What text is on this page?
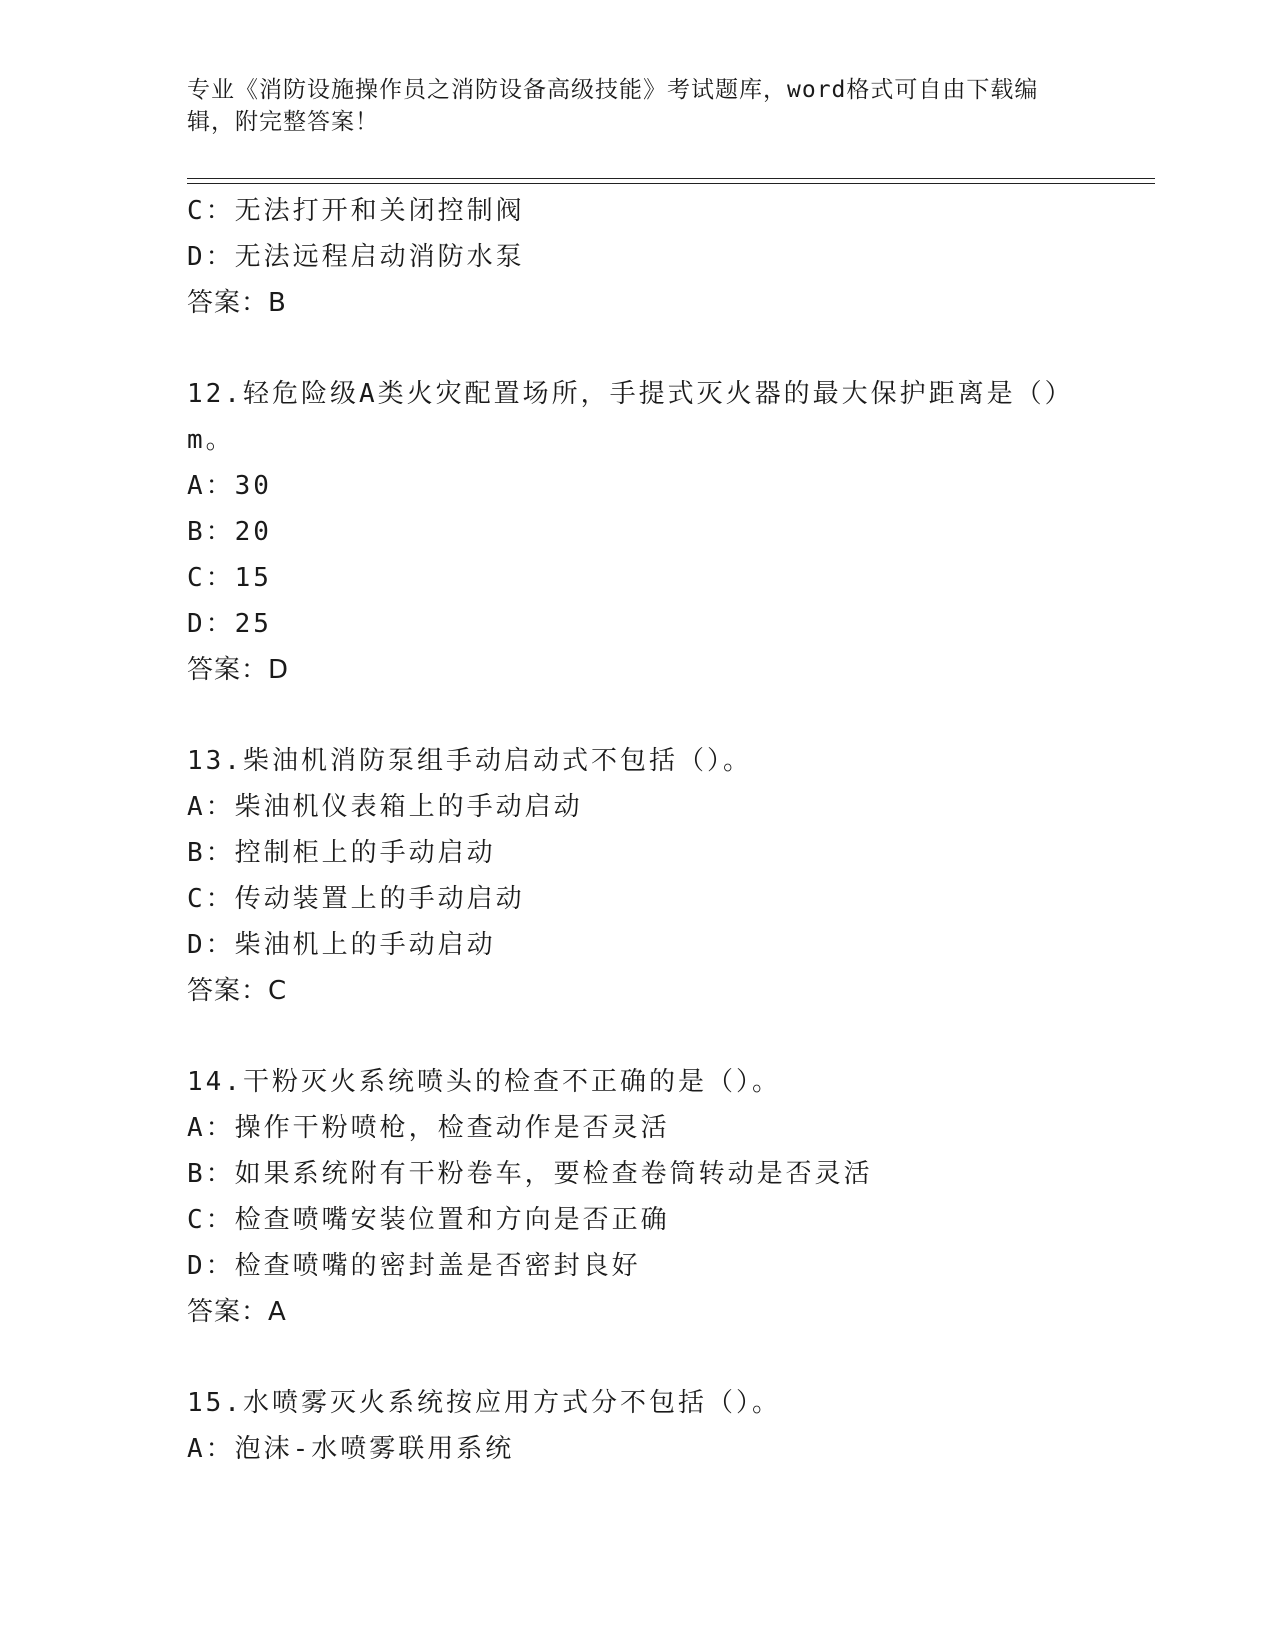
专业《消防设施操作员之消防设备高级技能》考试题库，word格式可自由下载编
辑，附完整答案！
C：无法打开和关闭控制阀
D：无法远程启动消防水泵
答案：B
12.轻危险级A类火灾配置场所，手提式灭火器的最大保护距离是（）
m。
A：30
B：20
C：15
D：25
答案：D
13.柴油机消防泵组手动启动式不包括（）。
A：柴油机仪表箱上的手动启动
B：控制柜上的手动启动
C：传动装置上的手动启动
D：柴油机上的手动启动
答案：C
14.干粉灭火系统喷头的检查不正确的是（）。
A：操作干粉喷枪，检查动作是否灵活
B：如果系统附有干粉卷车，要检查卷筒转动是否灵活
C：检查喷嘴安装位置和方向是否正确
D：检查喷嘴的密封盖是否密封良好
答案：A
15.水喷雾灭火系统按应用方式分不包括（）。
A：泡沫-水喷雾联用系统
